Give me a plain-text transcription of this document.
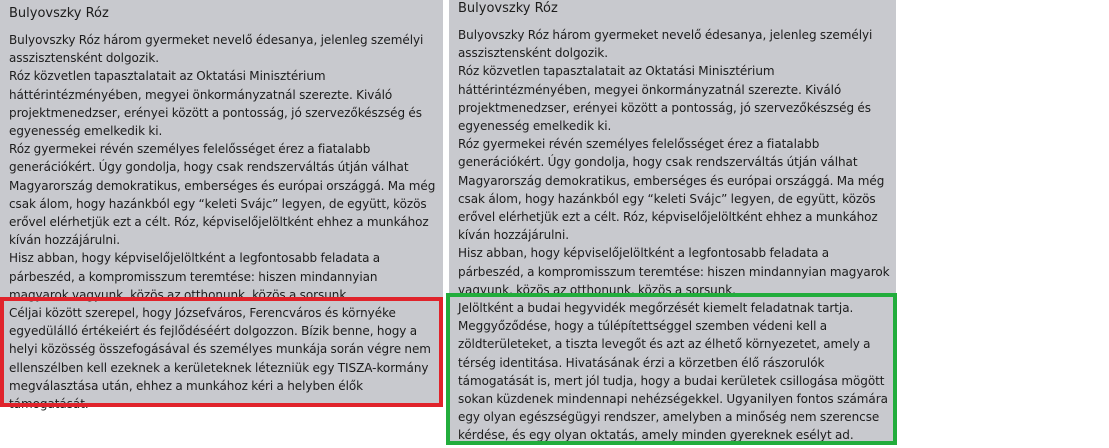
Bulyovszky Róz

Bulyovszky Róz három gyermeket nevelő édesanya, jelenleg személyi asszisztensként dolgozik.

Róz közvetlen tapasztalatait az Oktatási Minisztérium háttérintézményében, megyei önkormányzatnál szerezte. Kiváló projektmenedzser, erényei között a pontosság, jó szervezőkészség és egyenesség emelkedik ki.

Róz gyermekei révén személyes felelősséget érez a fiatalabb generációkért. Úgy gondolja, hogy csak rendszerváltás útján válhat Magyarország demokratikus, emberséges és európai országgá. Ma még csak álom, hogy hazánkból egy “keleti Svájc” legyen, de együtt, közös erővel elérhetjük ezt a célt. Róz, képviselőjelöltként ehhez a munkához kíván hozzájárulni.

Hisz abban, hogy képviselőjelöltként a legfontosabb feladata a párbeszéd, a kompromisszum teremtése: hiszen mindannyian magyarok vagyunk, közös az otthonunk, közös a sorsunk.

Céljai között szerepel, hogy Józsefváros, Ferencváros és környéke egyedülálló értékeiért és fejlődéséért dolgozzon. Bízik benne, hogy a helyi közösség összefogásával és személyes munkája során végre nem ellenszélben kell ezeknek a kerületeknek létezniük egy TISZA-kormány megválasztása után, ehhez a munkához kéri a helyben élők támogatását.

Bulyovszky Róz

Bulyovszky Róz három gyermeket nevelő édesanya, jelenleg személyi asszisztensként dolgozik.

Róz közvetlen tapasztalatait az Oktatási Minisztérium háttérintézményében, megyei önkormányzatnál szerezte. Kiváló projektmenedzser, erényei között a pontosság, jó szervezőkészség és egyenesség emelkedik ki.

Róz gyermekei révén személyes felelősséget érez a fiatalabb generációkért. Úgy gondolja, hogy csak rendszerváltás útján válhat Magyarország demokratikus, emberséges és európai országgá. Ma még csak álom, hogy hazánkból egy “keleti Svájc” legyen, de együtt, közös erővel elérhetjük ezt a célt. Róz, képviselőjelöltként ehhez a munkához kíván hozzájárulni.

Hisz abban, hogy képviselőjelöltként a legfontosabb feladata a párbeszéd, a kompromisszum teremtése: hiszen mindannyian magyarok vagyunk, közös az otthonunk, közös a sorsunk.

Jelöltként a budai hegyvidék megőrzését kiemelt feladatnak tartja. Meggyőződése, hogy a túlépítettséggel szemben védeni kell a zöldterületeket, a tiszta levegőt és azt az élhető környezetet, amely a térség identitása. Hivatásának érzi a körzetben élő rászorulók támogatását is, mert jól tudja, hogy a budai kerületek csillogása mögött sokan küzdenek mindennapi nehézségekkel. Ugyanilyen fontos számára egy olyan egészségügyi rendszer, amelyben a minőség nem szerencse kérdése, és egy olyan oktatás, amely minden gyereknek esélyt ad.
